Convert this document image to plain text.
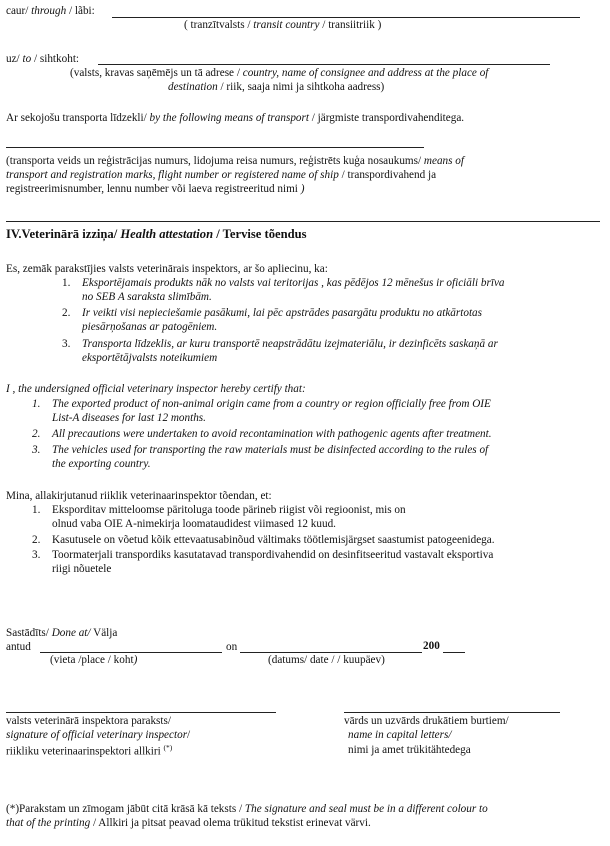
caur/ through / lãbi:
( tranzītvalsts / transit country / transiitriik )
uz/ to / sihtkoht:
(valsts, kravas saņēmējs un tā adrese / country, name of consignee and address at the place of
destination / riik, saaja nimi ja sihtkoha aadress)
Ar sekojošu transporta līdzekli/ by the following means of transport / järgmiste transpordivahenditega.
(transporta veids un reģistrācijas numurs, lidojuma reisa numurs, reģistrēts kuģa nosaukums/ means of
transport and registration marks, flight number or registered name of ship / transpordivahend ja
registreerimisnumber, lennu number või laeva registreeritud nimi )
IV.Veterinārā izziņa/ Health attestation / Tervise tõendus
Es, zemāk parakstījies valsts veterinārais inspektors, ar šo apliecinu, ka:
1. Eksportējamais produkts nāk no valsts vai teritorijas , kas pēdējos 12 mēnešus ir oficiāli brīva
no SEB A saraksta slimībām.
2. Ir veikti visi nepieciešamie pasākumi, lai pēc apstrādes pasargātu produktu no atkārtotas
piesārņošanas ar patogēniem.
3. Transporta līdzeklis, ar kuru transportē neapstrādātu izejmateriālu, ir dezinficēts saskaņā ar
eksportētājvalsts noteikumiem
I , the undersigned official veterinary inspector hereby certify that:
1. The exported product of non-animal origin came from a country or region officially free from OIE
List-A diseases for last 12 months.
2. All precautions were undertaken to avoid recontamination with pathogenic agents after treatment.
3. The vehicles used for transporting the raw materials must be disinfected according to the rules of
the exporting country.
Mina, allakirjutanud riiklik veterinaarinspektor tõendan, et:
1. Eksporditav mitteloomse päritoluga toode pärineb riigist või regioonist, mis on
olnud vaba OIE A-nimekirja loomataudidest viimased 12 kuud.
2. Kasutusele on võetud kõik ettevaatusabinõud vältimaks töötlemisjärgset saastumist patogeenidega.
3. Toormaterjali transpordiks kasutatavad transpordivahendid on desinfitseeritud vastavalt eksportiva
riigi nõuetele
Sastādīts/ Done at/ Välja
antud	on	200
(vieta /place / koht)	(datums/ date / / kuupäev)
valsts veterinārā inspektora paraksts/
signature of official veterinary inspector/
riikliku veterinaarinspektori allkiri (*)
vārds un uzvārds drukātiem burtiem/
name in capital letters/
nimi ja amet trükitähtedega
(*)Parakstam un zīmogam jābūt citā krāsā kā teksts / The signature and seal must be in a different colour to
that of the printing / Allkiri ja pitsat peavad olema trükitud tekstist erinevat värvi.
